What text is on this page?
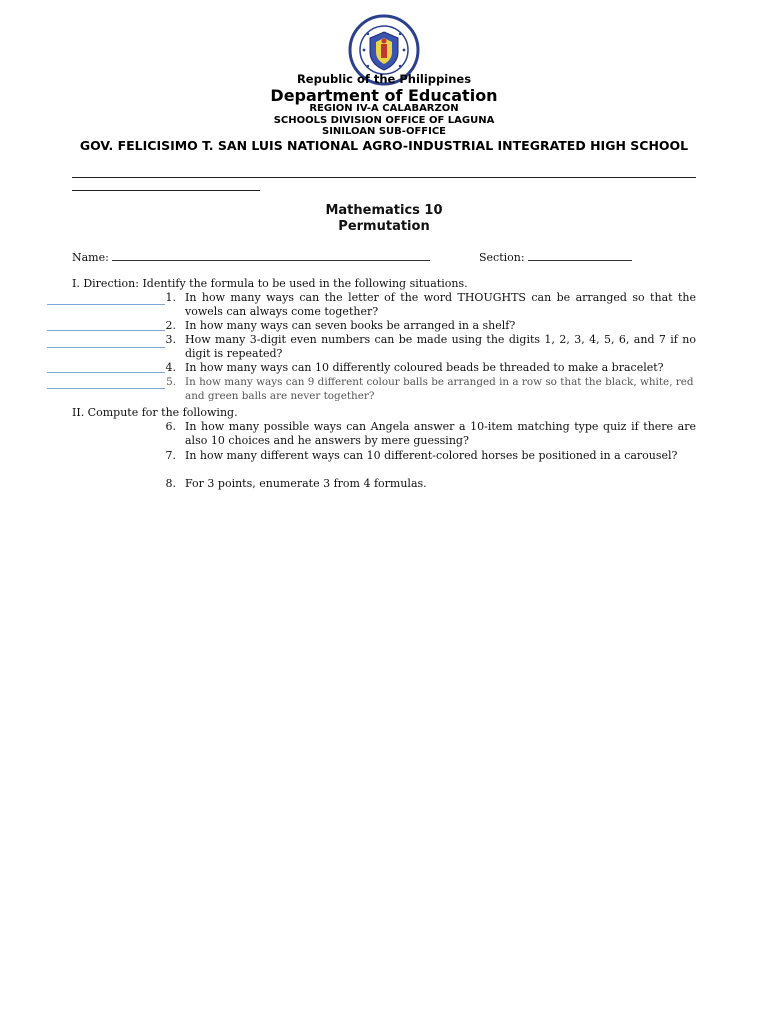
Republic of the Philippines
Department of Education
REGION IV-A CALABARZON
SCHOOLS DIVISION OFFICE OF LAGUNA
SINILOAN SUB-OFFICE
GOV. FELICISIMO T. SAN LUIS NATIONAL AGRO-INDUSTRIAL INTEGRATED HIGH SCHOOL
Mathematics 10
Permutation
Name:	Section:
I. Direction: Identify the formula to be used in the following situations.
1. In how many ways can the letter of the word THOUGHTS can be arranged so that the vowels can always come together?
2. In how many ways can seven books be arranged in a shelf?
3. How many 3-digit even numbers can be made using the digits 1, 2, 3, 4, 5, 6, and 7 if no digit is repeated?
4. In how many ways can 10 differently coloured beads be threaded to make a bracelet?
5. In how many ways can 9 different colour balls be arranged in a row so that the black, white, red and green balls are never together?
II. Compute for the following.
6. In how many possible ways can Angela answer a 10-item matching type quiz if there are also 10 choices and he answers by mere guessing?
7. In how many different ways can 10 different-colored horses be positioned in a carousel?
8. For 3 points, enumerate 3 from 4 formulas.
